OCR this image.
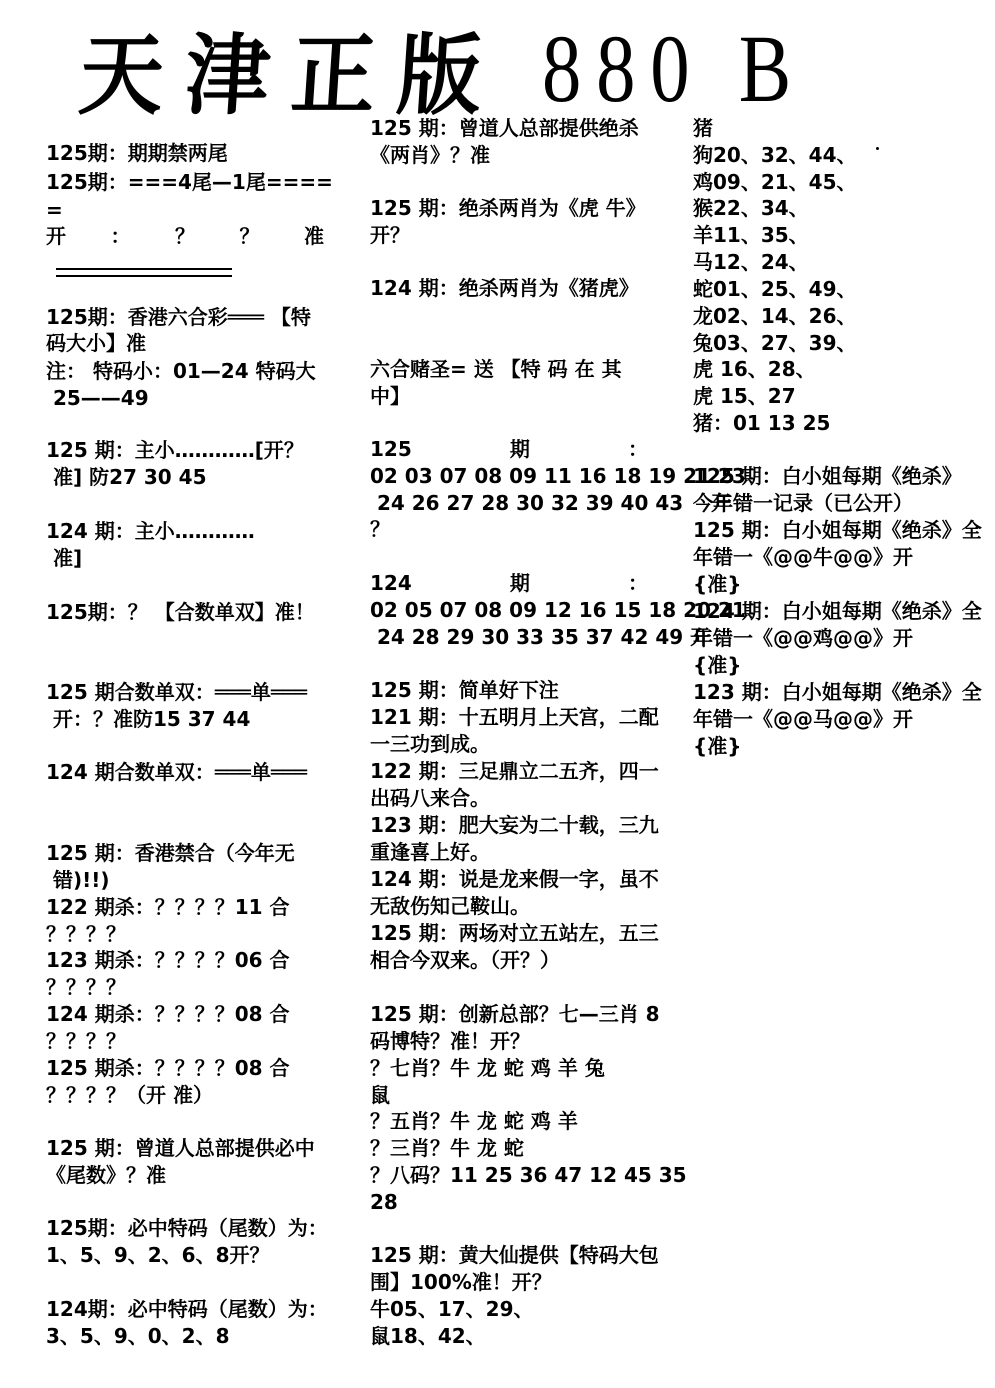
天津正版 880 B
125期：期期禁两尾
125期：===4尾—1尾====
=
开 ： ？ ？ 准
125期：香港六合彩═══ 【特
码大小】准
注： 特码小：01—24 特码大
25——49
125 期：主小…………[开？
准] 防27 30 45
124 期：主小…………
准]
125期：？ 【合数单双】准！
125 期合数单双：═══单═══
开：？准防15 37 44
124 期合数单双：═══单═══
125 期：香港禁合（今年无
错)!!)
122 期杀：？？？？11 合
？？？？
123 期杀：？？？？06 合
？？？？
124 期杀：？？？？08 合
？？？？
125 期杀：？？？？08 合
？？？？（开 准）
125 期：曾道人总部提供必中
《尾数》？准
125期：必中特码（尾数）为：
1、5、9、2、6、8开？
124期：必中特码（尾数）为：
3、5、9、0、2、8
125 期：曾道人总部提供绝杀
《两肖》？准
125 期：绝杀两肖为《虎 牛》
开？
124 期：绝杀两肖为《猪虎》
六合赌圣= 送 【特 码 在 其
中】
125	期	：
02 03 07 08 09 11 16 18 19 21 23
24 26 27 28 30 32 39 40 43    开
？
124	期	：
02 05 07 08 09 12 16 15 18 20 21
24 28 29 30 33 35 37 42 49 开
125 期：简单好下注
121 期：十五明月上天宫，二配
一三功到成。
122 期：三足鼎立二五齐，四一
出码八来合。
123 期：肥大妄为二十载，三九
重逢喜上好。
124 期：说是龙来假一字，虽不
无敌伤知己鞍山。
125 期：两场对立五站左，五三
相合今双来。（开？）
125 期：创新总部？七—三肖 8
码博特？准！开？
？七肖？牛 龙 蛇 鸡 羊 兔
鼠
？五肖？牛 龙 蛇 鸡 羊
？三肖？牛 龙 蛇
？八码？11 25 36 47 12 45 35
28
125 期：黄大仙提供【特码大包
围】100%准！开？
牛05、17、29、
鼠18、42、
猪
狗20、32、44、
鸡09、21、45、
猴22、34、
羊11、35、
马12、24、
蛇01、25、49、
龙02、14、26、
兔03、27、39、
虎 16、28、
虎 15、27
猪：01 13 25
125 期：白小姐每期《绝杀》
今年错一记录（已公开）
125 期：白小姐每期《绝杀》全
年错一《@@牛@@》开
{准}
124 期：白小姐每期《绝杀》全
年错一《@@鸡@@》开
{准}
123 期：白小姐每期《绝杀》全
年错一《@@马@@》开
{准}
